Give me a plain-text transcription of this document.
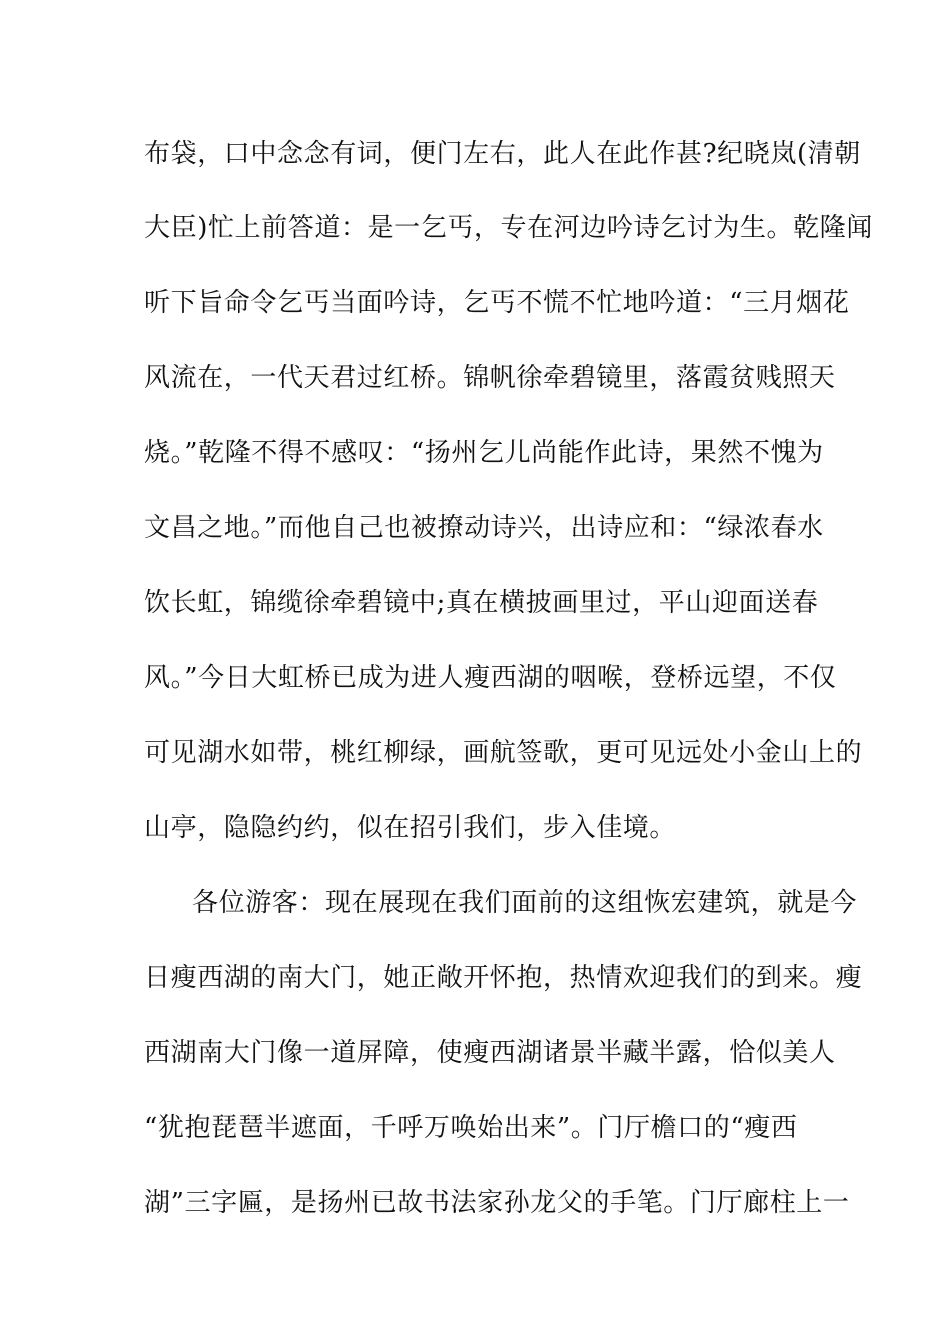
布袋，口中念念有词，便门左右，此人在此作甚?纪晓岚(清朝
大臣)忙上前答道：是一乞丐，专在河边吟诗乞讨为生。乾隆闻
听下旨命令乞丐当面吟诗，乞丐不慌不忙地吟道：“三月烟花
风流在，一代天君过红桥。锦帆徐牵碧镜里，落霞贫贱照天
烧。”乾隆不得不感叹：“扬州乞儿尚能作此诗，果然不愧为
文昌之地。”而他自己也被撩动诗兴，出诗应和：“绿浓春水
饮长虹，锦缆徐牵碧镜中;真在横披画里过，平山迎面送春
风。”今日大虹桥已成为进人瘦西湖的咽喉，登桥远望，不仅
可见湖水如带，桃红柳绿，画航签歌，更可见远处小金山上的
山亭，隐隐约约，似在招引我们，步入佳境。
各位游客：现在展现在我们面前的这组恢宏建筑，就是今
日瘦西湖的南大门，她正敞开怀抱，热情欢迎我们的到来。瘦
西湖南大门像一道屏障，使瘦西湖诸景半藏半露，恰似美人
“犹抱琵琶半遮面，千呼万唤始出来”。门厅檐口的“瘦西
湖”三字匾，是扬州已故书法家孙龙父的手笔。门厅廊柱上一
